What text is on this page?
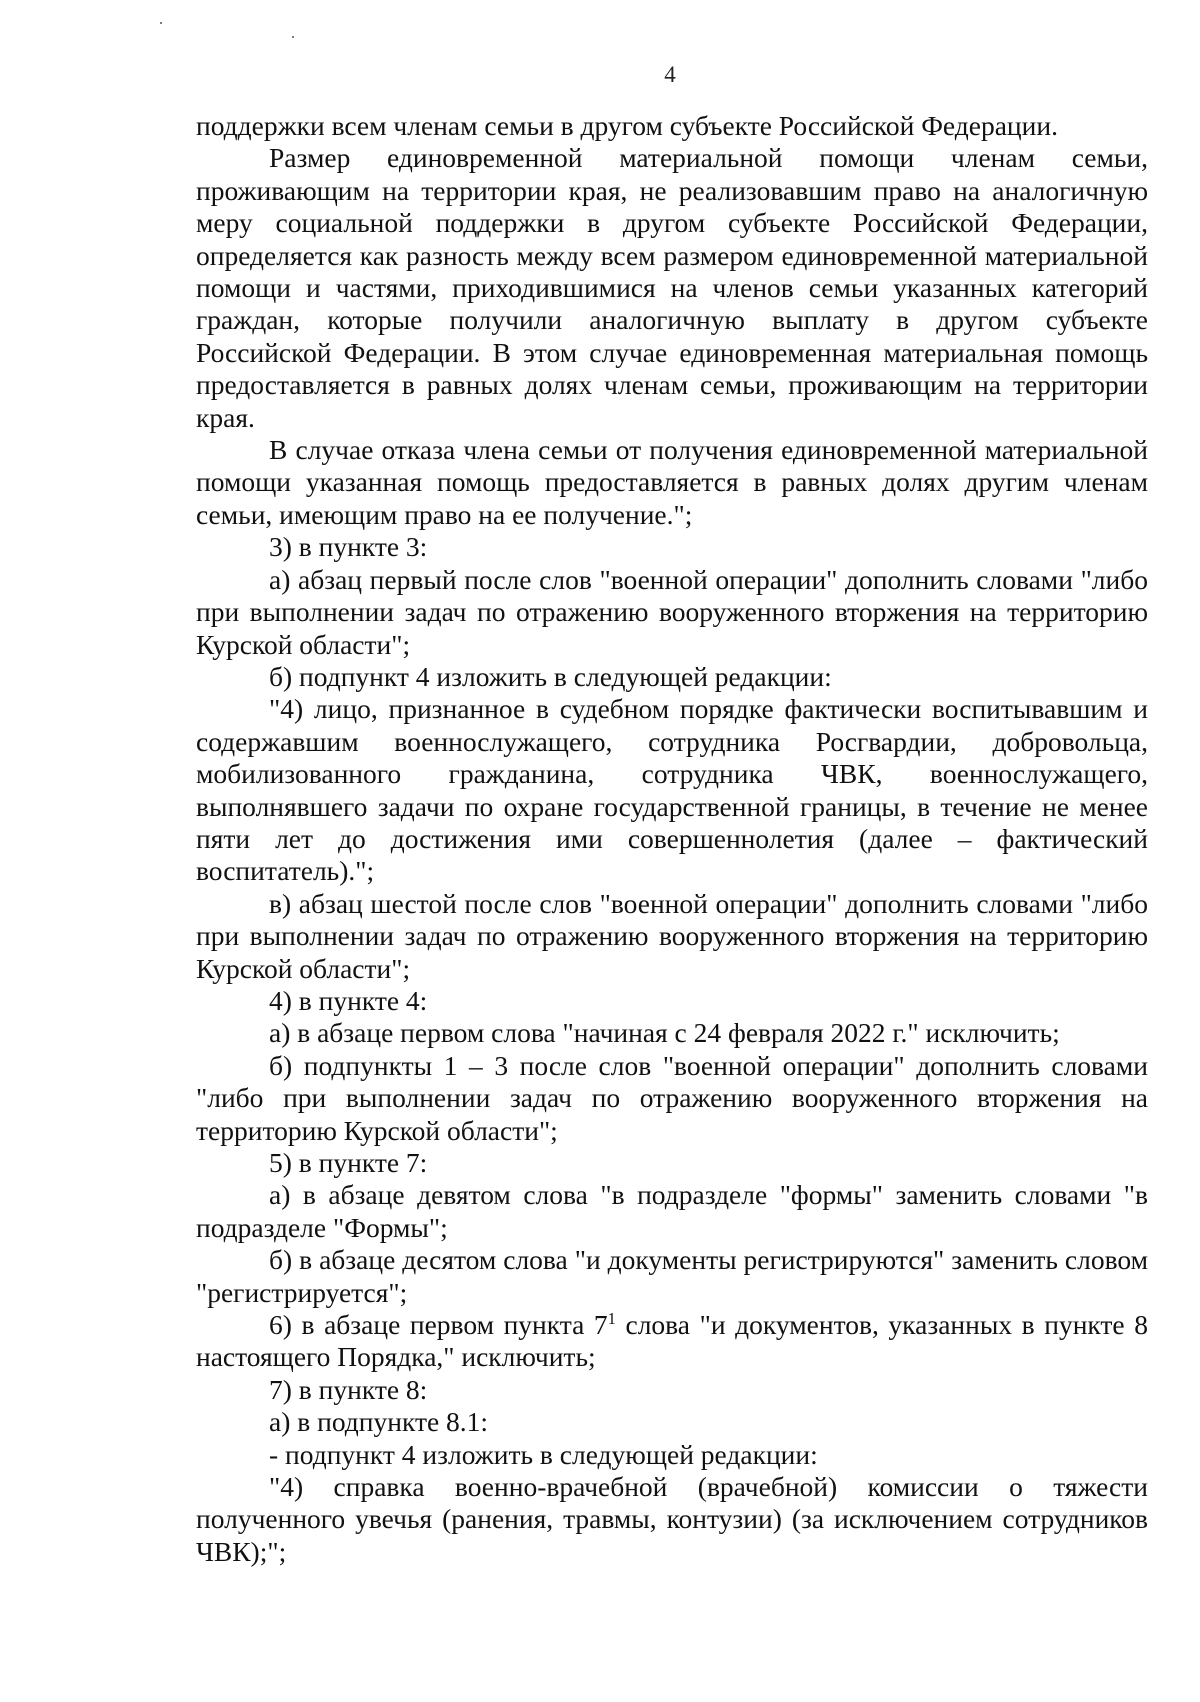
4

поддержки всем членам семьи в другом субъекте Российской Федерации.

Размер единовременной материальной помощи членам семьи, проживающим на территории края, не реализовавшим право на аналогичную меру социальной поддержки в другом субъекте Российской Федерации, определяется как разность между всем размером единовременной материальной помощи и частями, приходившимися на членов семьи указанных категорий граждан, которые получили аналогичную выплату в другом субъекте Российской Федерации. В этом случае единовременная материальная помощь предоставляется в равных долях членам семьи, проживающим на территории края.

В случае отказа члена семьи от получения единовременной материальной помощи указанная помощь предоставляется в равных долях другим членам семьи, имеющим право на ее получение.";

3) в пункте 3:

а) абзац первый после слов "военной операции" дополнить словами "либо при выполнении задач по отражению вооруженного вторжения на территорию Курской области";

б) подпункт 4 изложить в следующей редакции:

"4) лицо, признанное в судебном порядке фактически воспитывавшим и содержавшим военнослужащего, сотрудника Росгвардии, добровольца, мобилизованного гражданина, сотрудника ЧВК, военнослужащего, выполнявшего задачи по охране государственной границы, в течение не менее пяти лет до достижения ими совершеннолетия (далее – фактический воспитатель).";

в) абзац шестой после слов "военной операции" дополнить словами "либо при выполнении задач по отражению вооруженного вторжения на территорию Курской области";

4) в пункте 4:

а) в абзаце первом слова "начиная с 24 февраля 2022 г." исключить;

б) подпункты 1 – 3 после слов "военной операции" дополнить словами "либо при выполнении задач по отражению вооруженного вторжения на территорию Курской области";

5) в пункте 7:

а) в абзаце девятом слова "в подразделе "формы" заменить словами "в подразделе "Формы";

б) в абзаце десятом слова "и документы регистрируются" заменить словом "регистрируется";

6) в абзаце первом пункта $7^1$ слова "и документов, указанных в пункте 8 настоящего Порядка," исключить;

7) в пункте 8:

а) в подпункте 8.1:

- подпункт 4 изложить в следующей редакции:

"4) справка военно-врачебной (врачебной) комиссии о тяжести полученного увечья (ранения, травмы, контузии) (за исключением сотрудников ЧВК);";
